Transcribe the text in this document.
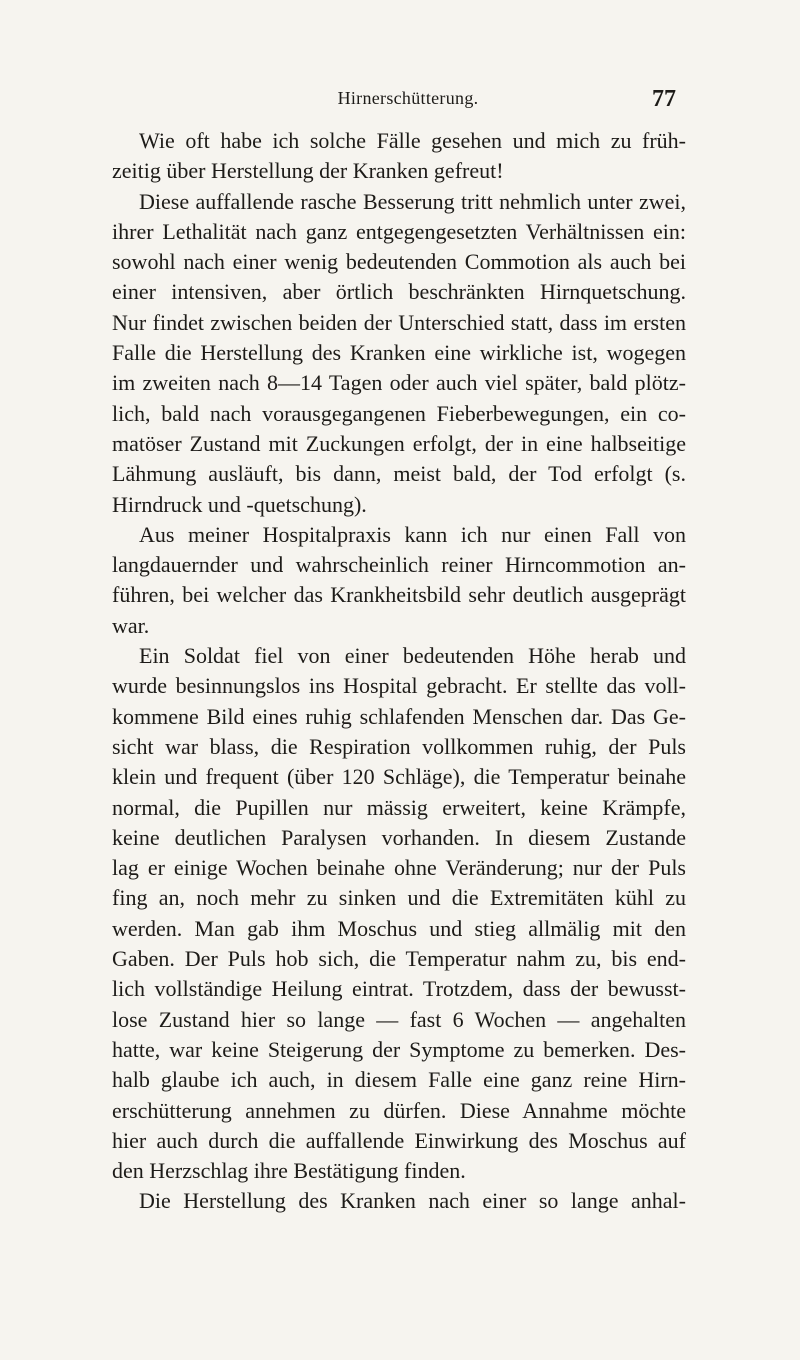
Hirnerschütterung.	77
Wie oft habe ich solche Fälle gesehen und mich zu früh-
zeitig über Herstellung der Kranken gefreut!
Diese auffallende rasche Besserung tritt nehmlich unter zwei,
ihrer Lethalität nach ganz entgegengesetzten Verhältnissen ein:
sowohl nach einer wenig bedeutenden Commotion als auch bei
einer intensiven, aber örtlich beschränkten Hirnquetschung.
Nur findet zwischen beiden der Unterschied statt, dass im ersten
Falle die Herstellung des Kranken eine wirkliche ist, wogegen
im zweiten nach 8—14 Tagen oder auch viel später, bald plötz-
lich, bald nach vorausgegangenen Fieberbewegungen, ein co-
matöser Zustand mit Zuckungen erfolgt, der in eine halbseitige
Lähmung ausläuft, bis dann, meist bald, der Tod erfolgt (s.
Hirndruck und -quetschung).
Aus meiner Hospitalpraxis kann ich nur einen Fall von
langdauernder und wahrscheinlich reiner Hirncommotion an-
führen, bei welcher das Krankheitsbild sehr deutlich ausgeprägt
war.
Ein Soldat fiel von einer bedeutenden Höhe herab und
wurde besinnungslos ins Hospital gebracht. Er stellte das voll-
kommene Bild eines ruhig schlafenden Menschen dar. Das Ge-
sicht war blass, die Respiration vollkommen ruhig, der Puls
klein und frequent (über 120 Schläge), die Temperatur beinahe
normal, die Pupillen nur mässig erweitert, keine Krämpfe,
keine deutlichen Paralysen vorhanden. In diesem Zustande
lag er einige Wochen beinahe ohne Veränderung; nur der Puls
fing an, noch mehr zu sinken und die Extremitäten kühl zu
werden. Man gab ihm Moschus und stieg allmälig mit den
Gaben. Der Puls hob sich, die Temperatur nahm zu, bis end-
lich vollständige Heilung eintrat. Trotzdem, dass der bewusst-
lose Zustand hier so lange — fast 6 Wochen — angehalten
hatte, war keine Steigerung der Symptome zu bemerken. Des-
halb glaube ich auch, in diesem Falle eine ganz reine Hirn-
erschütterung annehmen zu dürfen. Diese Annahme möchte
hier auch durch die auffallende Einwirkung des Moschus auf
den Herzschlag ihre Bestätigung finden.
Die Herstellung des Kranken nach einer so lange anhal-
